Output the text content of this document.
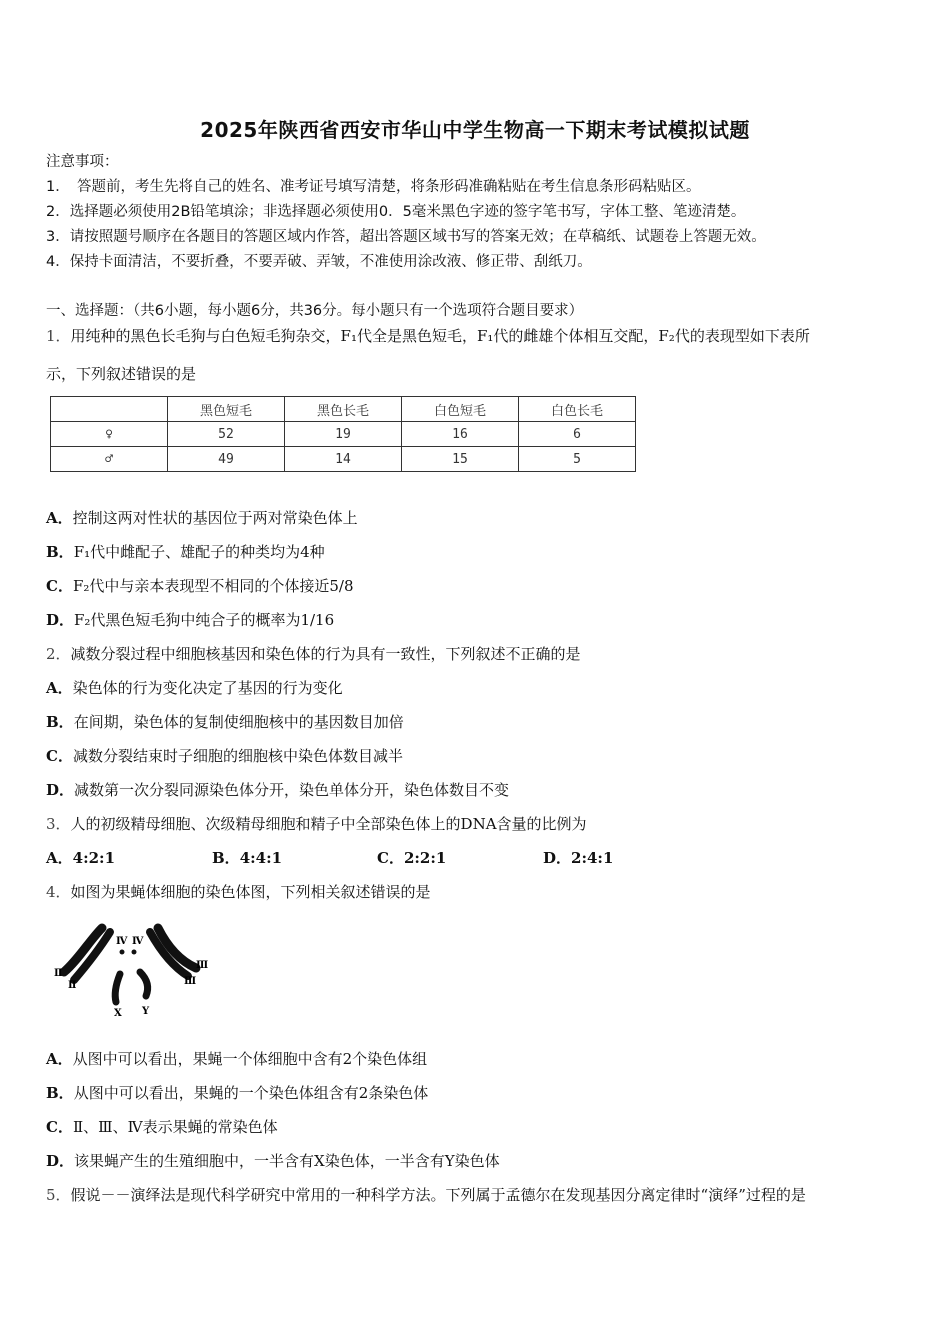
2025年陕西省西安市华山中学生物高一下期末考试模拟试题
注意事项：
1．　答题前，考生先将自己的姓名、准考证号填写清楚，将条形码准确粘贴在考生信息条形码粘贴区。
2．选择题必须使用2B铅笔填涂；非选择题必须使用0．5毫米黑色字迹的签字笔书写，字体工整、笔迹清楚。
3．请按照题号顺序在各题目的答题区域内作答，超出答题区域书写的答案无效；在草稿纸、试题卷上答题无效。
4．保持卡面清洁，不要折叠，不要弄破、弄皱，不准使用涂改液、修正带、刮纸刀。
一、选择题：（共6小题，每小题6分，共36分。每小题只有一个选项符合题目要求）
1．用纯种的黑色长毛狗与白色短毛狗杂交，F₁代全是黑色短毛，F₁代的雌雄个体相互交配，F₂代的表现型如下表所
示，下列叙述错误的是
	黑色短毛	黑色长毛	白色短毛	白色长毛
♀	52	19	16	6
♂	49	14	15	5
A．控制这两对性状的基因位于两对常染色体上
B．F₁代中雌配子、雄配子的种类均为4种
C．F₂代中与亲本表现型不相同的个体接近5/8
D．F₂代黑色短毛狗中纯合子的概率为1/16
2．减数分裂过程中细胞核基因和染色体的行为具有一致性，下列叙述不正确的是
A．染色体的行为变化决定了基因的行为变化
B．在间期，染色体的复制使细胞核中的基因数目加倍
C．减数分裂结束时子细胞的细胞核中染色体数目减半
D．减数第一次分裂同源染色体分开，染色单体分开，染色体数目不变
3．人的初级精母细胞、次级精母细胞和精子中全部染色体上的DNA含量的比例为
A．4:2:1	B．4:4:1	C．2:2:1	D．2:4:1
4．如图为果蝇体细胞的染色体图，下列相关叙述错误的是
Ⅳ Ⅳ
Ⅱ
Ⅱ
Ⅲ
Ⅲ
X Y
A．从图中可以看出，果蝇一个体细胞中含有2个染色体组
B．从图中可以看出，果蝇的一个染色体组含有2条染色体
C．Ⅱ、Ⅲ、Ⅳ表示果蝇的常染色体
D．该果蝇产生的生殖细胞中，一半含有X染色体，一半含有Y染色体
5．假说－－演绎法是现代科学研究中常用的一种科学方法。下列属于孟德尔在发现基因分离定律时“演绎”过程的是
